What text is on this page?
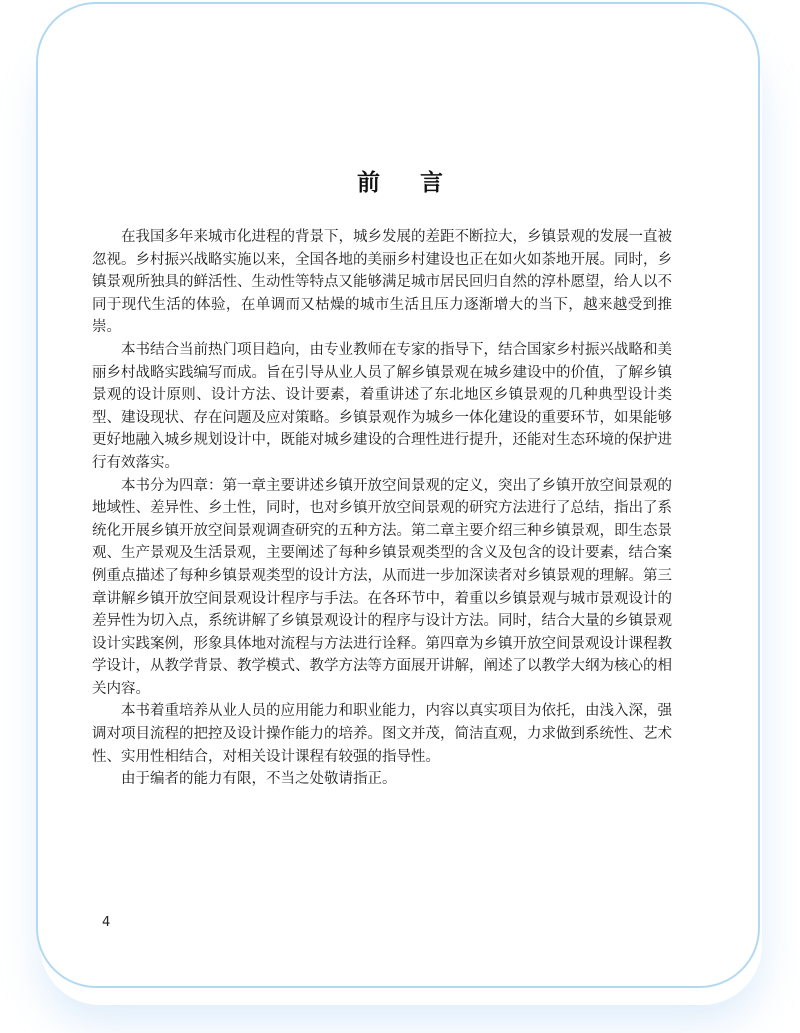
前言

在我国多年来城市化进程的背景下，城乡发展的差距不断拉大，乡镇景观的发展一直被忽视。乡村振兴战略实施以来，全国各地的美丽乡村建设也正在如火如荼地开展。同时，乡镇景观所独具的鲜活性、生动性等特点又能够满足城市居民回归自然的淳朴愿望，给人以不同于现代生活的体验，在单调而又枯燥的城市生活且压力逐渐增大的当下，越来越受到推崇。

本书结合当前热门项目趋向，由专业教师在专家的指导下，结合国家乡村振兴战略和美丽乡村战略实践编写而成。旨在引导从业人员了解乡镇景观在城乡建设中的价值，了解乡镇景观的设计原则、设计方法、设计要素，着重讲述了东北地区乡镇景观的几种典型设计类型、建设现状、存在问题及应对策略。乡镇景观作为城乡一体化建设的重要环节，如果能够更好地融入城乡规划设计中，既能对城乡建设的合理性进行提升，还能对生态环境的保护进行有效落实。

本书分为四章：第一章主要讲述乡镇开放空间景观的定义，突出了乡镇开放空间景观的地域性、差异性、乡土性，同时，也对乡镇开放空间景观的研究方法进行了总结，指出了系统化开展乡镇开放空间景观调查研究的五种方法。第二章主要介绍三种乡镇景观，即生态景观、生产景观及生活景观，主要阐述了每种乡镇景观类型的含义及包含的设计要素，结合案例重点描述了每种乡镇景观类型的设计方法，从而进一步加深读者对乡镇景观的理解。第三章讲解乡镇开放空间景观设计程序与手法。在各环节中，着重以乡镇景观与城市景观设计的差异性为切入点，系统讲解了乡镇景观设计的程序与设计方法。同时，结合大量的乡镇景观设计实践案例，形象具体地对流程与方法进行诠释。第四章为乡镇开放空间景观设计课程教学设计，从教学背景、教学模式、教学方法等方面展开讲解，阐述了以教学大纲为核心的相关内容。

本书着重培养从业人员的应用能力和职业能力，内容以真实项目为依托，由浅入深，强调对项目流程的把控及设计操作能力的培养。图文并茂，简洁直观，力求做到系统性、艺术性、实用性相结合，对相关设计课程有较强的指导性。

由于编者的能力有限，不当之处敬请指正。

4
